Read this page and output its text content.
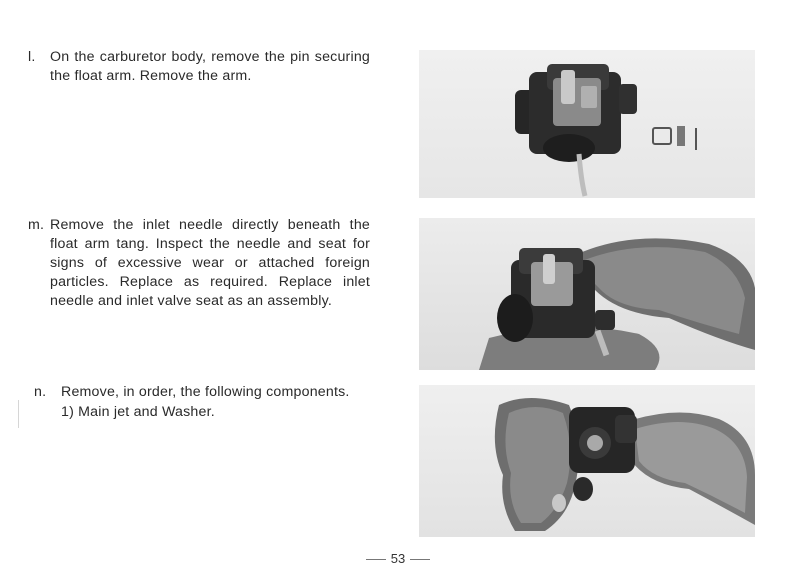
l. On the carburetor body, remove the pin securing the float arm. Remove the arm.
m. Remove the inlet needle directly beneath the float arm tang. Inspect the needle and seat for signs of excessive wear or attached foreign particles. Replace as required. Replace inlet needle and inlet valve seat as an assembly.
n. Remove, in order, the following components.
1) Main jet and Washer.
53
